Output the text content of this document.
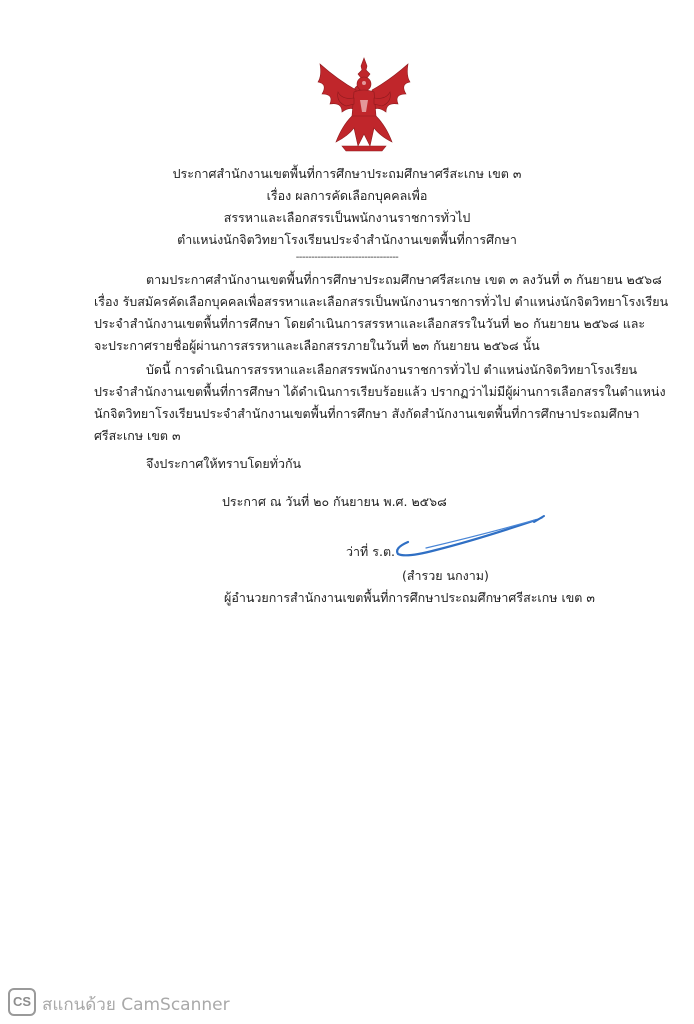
ประกาศสำนักงานเขตพื้นที่การศึกษาประถมศึกษาศรีสะเกษ เขต ๓
เรื่อง ผลการคัดเลือกบุคคลเพื่อ
สรรหาและเลือกสรรเป็นพนักงานราชการทั่วไป
ตำแหน่งนักจิตวิทยาโรงเรียนประจำสำนักงานเขตพื้นที่การศึกษา
---------------------------------
ตามประกาศสำนักงานเขตพื้นที่การศึกษาประถมศึกษาศรีสะเกษ เขต ๓ ลงวันที่ ๓ กันยายน ๒๕๖๘
เรื่อง รับสมัครคัดเลือกบุคคลเพื่อสรรหาและเลือกสรรเป็นพนักงานราชการทั่วไป ตำแหน่งนักจิตวิทยาโรงเรียน
ประจำสำนักงานเขตพื้นที่การศึกษา โดยดำเนินการสรรหาและเลือกสรรในวันที่ ๒๐ กันยายน ๒๕๖๘ และ
จะประกาศรายชื่อผู้ผ่านการสรรหาและเลือกสรรภายในวันที่ ๒๓ กันยายน ๒๕๖๘ นั้น
บัดนี้ การดำเนินการสรรหาและเลือกสรรพนักงานราชการทั่วไป ตำแหน่งนักจิตวิทยาโรงเรียน
ประจำสำนักงานเขตพื้นที่การศึกษา ได้ดำเนินการเรียบร้อยแล้ว ปรากฏว่าไม่มีผู้ผ่านการเลือกสรรในตำแหน่ง
นักจิตวิทยาโรงเรียนประจำสำนักงานเขตพื้นที่การศึกษา สังกัดสำนักงานเขตพื้นที่การศึกษาประถมศึกษา
ศรีสะเกษ เขต ๓
จึงประกาศให้ทราบโดยทั่วกัน
ประกาศ ณ วันที่ ๒๐ กันยายน พ.ศ. ๒๕๖๘
ว่าที่ ร.ต.
(สำรวย นกงาม)
ผู้อำนวยการสำนักงานเขตพื้นที่การศึกษาประถมศึกษาศรีสะเกษ เขต ๓
CS สแกนด้วย CamScanner
